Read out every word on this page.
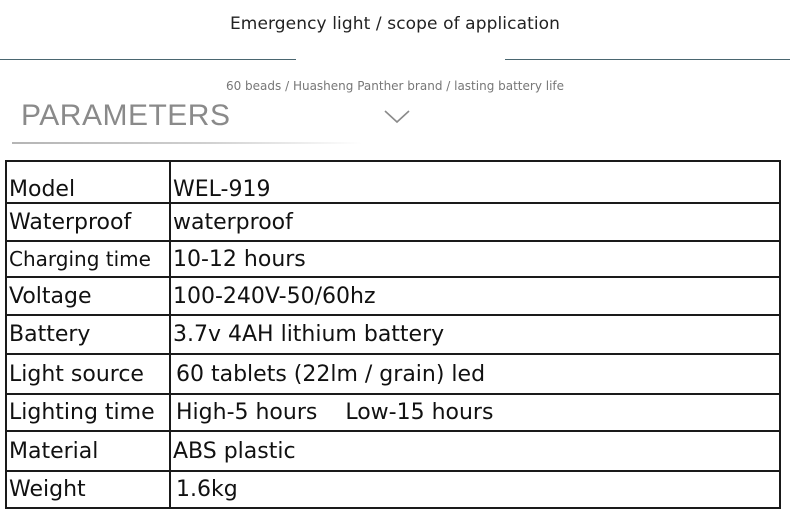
Emergency light / scope of application
60 beads / Huasheng Panther brand / lasting battery life
PARAMETERS
Model	WEL-919
Waterproof	waterproof
Charging time	10-12 hours
Voltage	100-240V-50/60hz
Battery	3.7v 4AH lithium battery
Light source	60 tablets (22lm / grain) led
Lighting time	High-5 hours    Low-15 hours
Material	ABS plastic
Weight	1.6kg
